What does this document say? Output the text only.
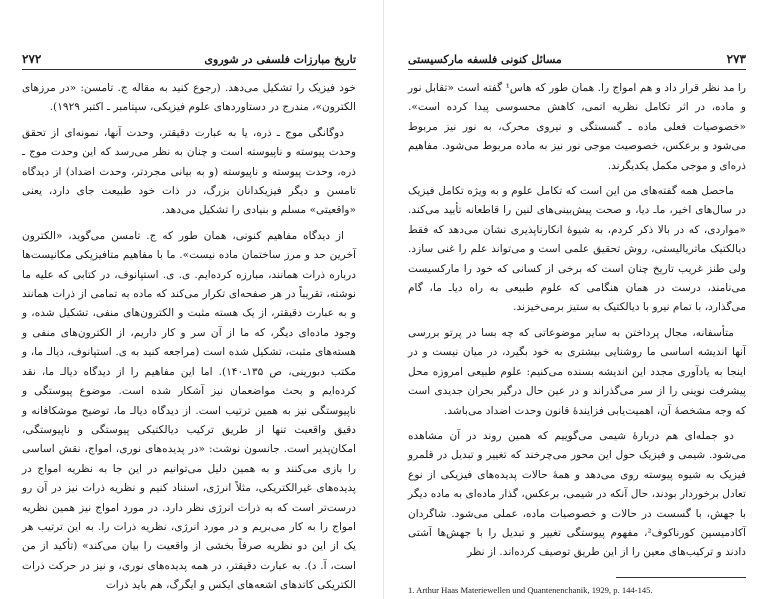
تاریخ مبارزات فلسفی در شوروی
۲۷۲

خود فیزیک را تشکیل می‌دهد. (رجوع کنید به مقاله ج. تامسن: «در مرزهای الکترون»، مندرج در دستاوردهای علوم فیزیکی، سپتامبر ـ اکتبر ۱۹۲۹).

دوگانگی موج ـ ذره، یا به عبارت دقیقتر، وحدت آنها، نمونه‌ای از تحقق وحدت پیوسته و ناپیوسته است و چنان به نظر می‌رسد که این وحدت موج ـ ذره، وحدت پیوسته و ناپیوسته (و به بیانی مجردتر، وحدت اضداد) از دیدگاه تامسن و دیگر فیزیکدانان بزرگ، در ذات خود طبیعت جای دارد، یعنی «واقعیتی» مسلم و بنیادی را تشکیل می‌دهد.

از دیدگاه مفاهیم کنونی، همان طور که ج. تامسن می‌گوید، «الکترون آخرین حد و مرز ساختمان ماده نیست». ما با مفاهیم متافیزیکی مکانیست‌ها درباره ذرات همانند، مبارزه کرده‌ایم. ی. ی. استپانوف، در کتابی که علیه ما نوشته، تقریباً در هر صفحه‌ای تکرار می‌کند که ماده به تمامی از ذرات همانند و به عبارت دقیقتر، از یک هسته مثبت و الکترون‌های منفی، تشکیل شده، و وجود ماده‌ای دیگر، که ما از آن سر و کار داریم، از الکترون‌های منفی و هسته‌های مثبت، تشکیل شده است (مراجعه کنید به ی. استپانوف، دیالـ ما، و مکتب دبورینی، ص ۱۳۵ـ۱۴۰). اما این مفاهیم را از دیدگاه دیالـ ما، نقد کرده‌ایم و بحث مواضعمان نیز آشکار شده است. موضوع پیوستگی و ناپیوستگی نیز به همین ترتیب است. از دیدگاه دیالـ ما، توضیح موشکافانه و دقیق واقعیت تنها از طریق ترکیب دیالکتیکی پیوستگی و ناپیوستگی، امکان‌پذیر است. جانسون نوشت: «در پدیده‌های نوری، امواج، نقش اساسی را بازی می‌کنند و به همین دلیل می‌توانیم در این جا به نظریه امواج در پدیده‌های غیرالکتریکی، مثلاً انرژی، استناد کنیم و نظریه ذرات نیز در آن رو درست‌تر است که به ذرات انرژی نظر دارد. در مورد امواج نیز همین نظریه امواج را به کار می‌بریم و در مورد انرژی، نظریه ذرات را. به این ترتیب هر یک از این دو نظریه صرفاً بخشی از واقعیت را بیان می‌کند» (تأکید از من است، آ. د). به عبارت دقیقتر، در همه پدیده‌های نوری، و نیز در حرکت ذرات الکتریکی کاتدهای اشعه‌های ایکس و ایگرگ، هم باید ذرات

۲۷۳
مسائل کنونی فلسفه مارکسیستی

را مد نظر قرار داد و هم امواج را. همان طور که هاس¹ گفته است «تقابل نور و ماده، در اثر تکامل نظریه اتمی، کاهش محسوسی پیدا کرده است». «خصوصیات فعلی ماده ـ گسستگی و نیروی محرک، به نور نیز مربوط می‌شود و برعکس، خصوصیت موجی نور نیز به ماده مربوط می‌شود. مفاهیم ذره‌ای و موجی مکمل یکدیگرند.

ماحصل همه گفته‌های من این است که تکامل علوم و به ویژه تکامل فیزیک در سال‌های اخیر، ماـ دیا، و صحت پیش‌بینی‌های لنین را قاطعانه تأیید می‌کند. «مواردی، که در بالا ذکر کردم، به شیوهٔ انکارناپذیری نشان می‌دهد که فقط دیالکتیک ماتریالیستی، روش تحقیق علمی است و می‌تواند علم را غنی سازد. ولی طنز غریب تاریخ چنان است که برخی از کسانی که خود را مارکسیست می‌نامند، درست در همان هنگامی که علوم طبیعی به راه دیاـ ما، گام می‌گذارد، با تمام نیرو با دیالکتیک به ستیز برمی‌خیزند.

متأسفانه، مجال پرداختن به سایر موضوعاتی که چه بسا در پرتو بررسی آنها اندیشه اساسی ما روشنایی بیشتری به خود بگیرد، در میان نیست و در اینجا به یادآوری مجدد این اندیشه بسنده می‌کنیم: علوم طبیعی امروزه محل پیشرفت نوینی را از سر می‌گذراند و در عین حال درگیر بحران جدیدی است که وجه مشخصهٔ آن، اهمیت‌یابی فزایندهٔ قانون وحدت اضداد می‌باشد.

دو جمله‌ای هم دربارهٔ شیمی می‌گوییم که همین روند در آن مشاهده می‌شود. شیمی و فیزیک حول این محور می‌چرخند که تغییر و تبدیل در قلمرو فیزیک به شیوه پیوسته روی می‌دهد و همهٔ حالات پدیده‌های فیزیکی از نوع تعادل برخوردار بودند، حال آنکه در شیمی، برعکس، گذار ماده‌ای به ماده دیگر با جهش، با گسست در حالات و خصوصیات ماده، عملی می‌شود. شاگردان آکادمیسین کورناکوف²، مفهوم پیوستگی تغییر و تبدیل را با جهش‌ها آشتی دادند و ترکیب‌های معین را از این طریق توصیف کرده‌اند. از نظر

1. Arthur Haas Materiewellen und Quantenenchanik, 1929, p. 144-145.
